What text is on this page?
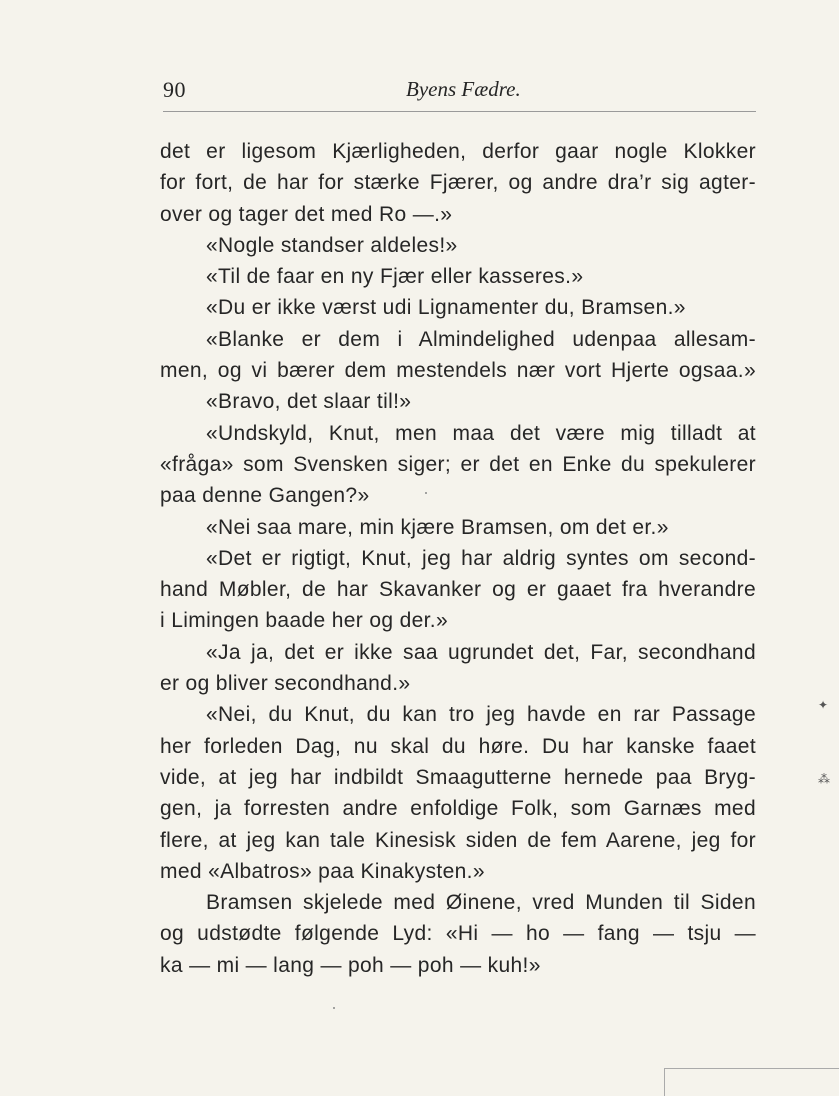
90	Byens Fædre.
det er ligesom Kjærligheden, derfor gaar nogle Klokker
for fort, de har for stærke Fjærer, og andre dra’r sig agter-
over og tager det med Ro —.»
«Nogle standser aldeles!»
«Til de faar en ny Fjær eller kasseres.»
«Du er ikke værst udi Lignamenter du, Bramsen.»
«Blanke er dem i Almindelighed udenpaa allesam-
men, og vi bærer dem mestendels nær vort Hjerte ogsaa.»
«Bravo, det slaar til!»
«Undskyld, Knut, men maa det være mig tilladt at
«fråga» som Svensken siger; er det en Enke du spekulerer
paa denne Gangen?»
«Nei saa mare, min kjære Bramsen, om det er.»
«Det er rigtigt, Knut, jeg har aldrig syntes om second-
hand Møbler, de har Skavanker og er gaaet fra hverandre
i Limingen baade her og der.»
«Ja ja, det er ikke saa ugrundet det, Far, secondhand
er og bliver secondhand.»
«Nei, du Knut, du kan tro jeg havde en rar Passage
her forleden Dag, nu skal du høre. Du har kanske faaet
vide, at jeg har indbildt Smaagutterne hernede paa Bryg-
gen, ja forresten andre enfoldige Folk, som Garnæs med
flere, at jeg kan tale Kinesisk siden de fem Aarene, jeg for
med «Albatros» paa Kinakysten.»
Bramsen skjelede med Øinene, vred Munden til Siden
og udstødte følgende Lyd: «Hi — ho — fang — tsju —
ka — mi — lang — poh — poh — kuh!»
✦
⁂
